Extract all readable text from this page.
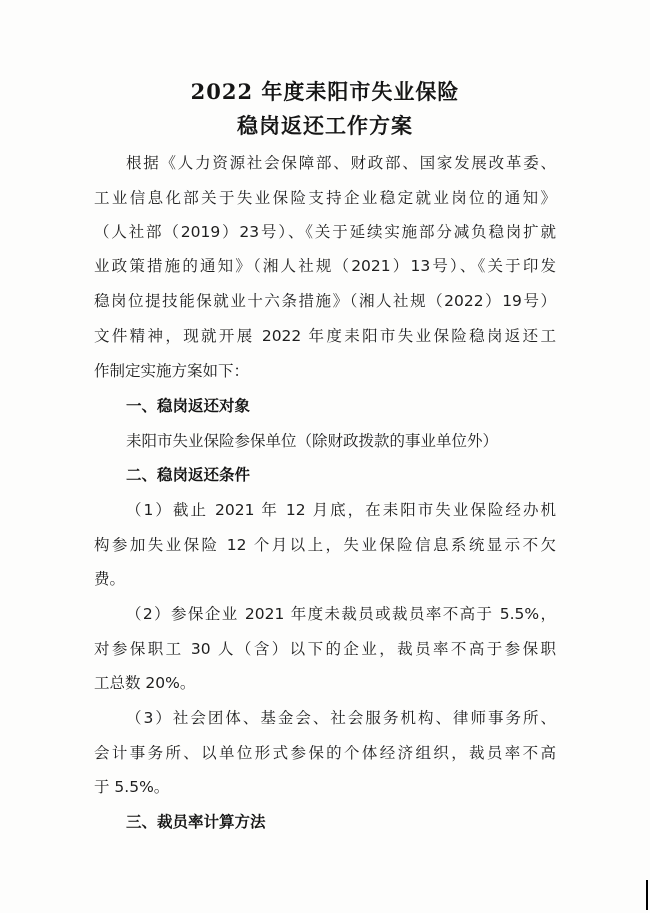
2022 年度耒阳市失业保险
稳岗返还工作方案
根据《人力资源社会保障部、财政部、国家发展改革委、
工业信息化部关于失业保险支持企业稳定就业岗位的通知》
（人社部（2019）23号）、《关于延续实施部分减负稳岗扩就
业政策措施的通知》（湘人社规（2021）13号）、《关于印发
稳岗位提技能保就业十六条措施》（湘人社规（2022）19号）
文件精神，现就开展 2022 年度耒阳市失业保险稳岗返还工
作制定实施方案如下：
一、稳岗返还对象
耒阳市失业保险参保单位（除财政拨款的事业单位外）
二、稳岗返还条件
（1）截止 2021 年 12 月底，在耒阳市失业保险经办机
构参加失业保险 12 个月以上，失业保险信息系统显示不欠
费。
（2）参保企业 2021 年度未裁员或裁员率不高于 5.5%，
对参保职工 30 人（含）以下的企业，裁员率不高于参保职
工总数 20%。
（3）社会团体、基金会、社会服务机构、律师事务所、
会计事务所、以单位形式参保的个体经济组织，裁员率不高
于 5.5%。
三、裁员率计算方法
